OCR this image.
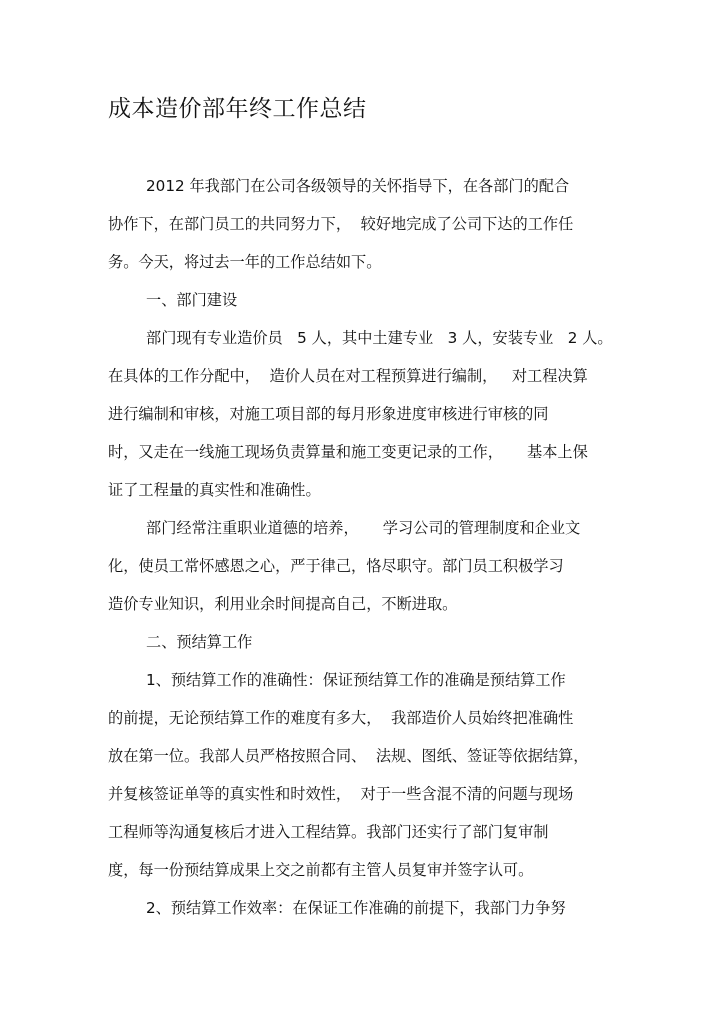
成本造价部年终工作总结
2012 年我部门在公司各级领导的关怀指导下，在各部门的配合
协作下，在部门员工的共同努力下，  较好地完成了公司下达的工作任
务。今天，将过去一年的工作总结如下。
一、部门建设
部门现有专业造价员   5 人，其中土建专业   3 人，安装专业   2 人。
在具体的工作分配中，  造价人员在对工程预算进行编制，   对工程决算
进行编制和审核，对施工项目部的每月形象进度审核进行审核的同
时，又走在一线施工现场负责算量和施工变更记录的工作，     基本上保
证了工程量的真实性和准确性。
部门经常注重职业道德的培养，     学习公司的管理制度和企业文
化，使员工常怀感恩之心，严于律己，恪尽职守。部门员工积极学习
造价专业知识，利用业余时间提高自己，不断进取。
二、预结算工作
1、预结算工作的准确性：保证预结算工作的准确是预结算工作
的前提，无论预结算工作的难度有多大，  我部造价人员始终把准确性
放在第一位。我部人员严格按照合同、  法规、图纸、签证等依据结算，
并复核签证单等的真实性和时效性，  对于一些含混不清的问题与现场
工程师等沟通复核后才进入工程结算。我部门还实行了部门复审制
度，每一份预结算成果上交之前都有主管人员复审并签字认可。
2、预结算工作效率：在保证工作准确的前提下，我部门力争努
